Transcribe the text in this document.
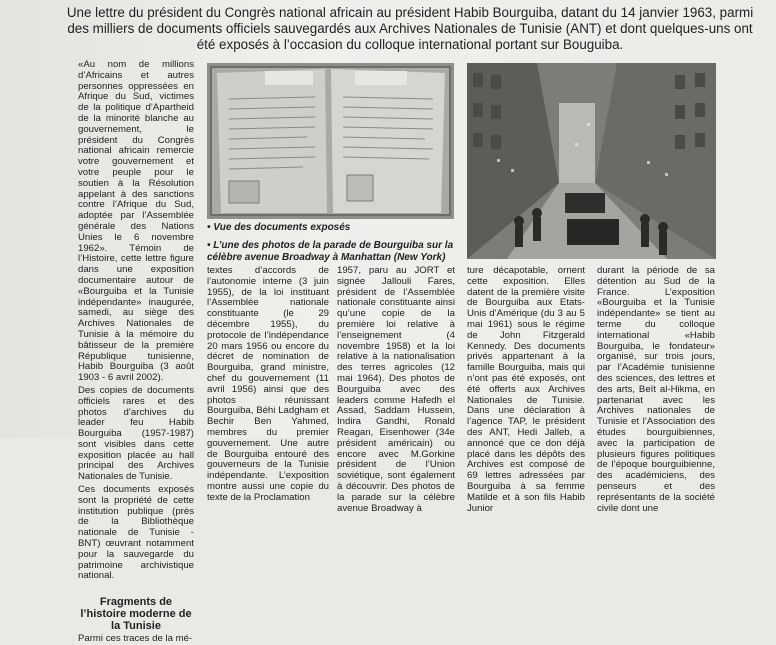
Une lettre du président du Congrès national africain au président Habib Bourguiba, datant du 14 janvier 1963, parmi des milliers de documents officiels sauvegardés aux Archives Nationales de Tunisie (ANT) et dont quelques-uns ont été exposés à l’occasion du colloque international portant sur Bouguiba.

«Au nom de millions d’Africains et autres personnes oppressées en Afrique du Sud, victimes de la politique d’Apartheid de la minorité blanche au gouvernement, le président du Congrès national africain remercie votre gouvernement et votre peuple pour le soutien à la Résolution appelant à des sanctions contre l’Afrique du Sud, adoptée par l’Assemblée générale des Nations Unies le 6 novembre 1962». Témoin de l’Histoire, cette lettre figure dans une exposition documentaire autour de «Bourguiba et la Tunisie indépendante» inaugurée, samedi, au siège des Archives Nationales de Tunisie à la mémoire du bâtisseur de la première République tunisienne, Habib Bourguiba (3 août 1903 - 6 avril 2002).

Des copies de documents officiels rares et des photos d’archives du leader feu Habib Bourguiba (1957-1987) sont visibles dans cette exposition placée au hall principal des Archives Nationales de Tunisie.

Ces documents exposés sont la propriété de cette institution publique (près de la Bibliothèque nationale de Tunisie - BNT) œuvrant notamment pour la sauvegarde du patrimoine archivistique national.

Fragments de l’histoire moderne de la Tunisie

Parmi ces traces de la mé-

• Vue des documents exposés
• L’une des photos de la parade de Bourguiba sur la célèbre avenue Broadway à Manhattan (New York)
textes d’accords de l’autonomie interne (3 juin 1955), de la loi instituant l’Assemblée nationale constituante (le 29 décembre 1955), du protocole de l’indépendance 20 mars 1956 ou encore du décret de nomination de Bourguiba, grand ministre, chef du gouvernement (11 avril 1956) ainsi que des photos réunissant Bourguiba, Béhi Ladgham et Bechir Ben Yahmed, membres du premier gouvernement. Une autre de Bourguiba entouré des gouverneurs de la Tunisie indépendante. L’exposition montre aussi une copie du texte de la Proclamation
1957, paru au JORT et signée Jallouli Fares, président de l’Assemblée nationale constituante ainsi qu’une copie de la première loi relative à l’enseignement (4 novembre 1958) et la loi relative à la nationalisation des terres agricoles (12 mai 1964). Des photos de Bourguiba avec des leaders comme Hafedh el Assad, Saddam Hussein, Indira Gandhi, Ronald Reagan, Eisenhower (34e président américain) ou encore avec M.Gorkine président de l’Union soviétique, sont également à découvrir. Des photos de la parade sur la célèbre avenue Broadway à
ture décapotable, ornent cette exposition. Elles datent de la première visite de Bourguiba aux Etats-Unis d’Amérique (du 3 au 5 mai 1961) sous le régime de John Fitzgerald Kennedy. Des documents privés appartenant à la famille Bourguiba, mais qui n’ont pas été exposés, ont été offerts aux Archives Nationales de Tunisie. Dans une déclaration à l’agence TAP, le président des ANT, Hedi Jalleb, a annoncé que ce don déjà placé dans les dépôts des Archives est composé de 69 lettres adressées par Bourguiba à sa femme Matilde et à son fils Habib Junior
durant la période de sa détention au Sud de la France. L’exposition «Bourguiba et la Tunisie indépendante» se tient au terme du colloque international «Habib Bourguiba, le fondateur» organisé, sur trois jours, par l’Académie tunisienne des sciences, des lettres et des arts, Beït al-Hikma, en partenariat avec les Archives nationales de Tunisie et l’Association des études bourguibiennes, avec la participation de plusieurs figures politiques de l’époque bourguibienne, des académiciens, des penseurs et des représentants de la société civile dont une
